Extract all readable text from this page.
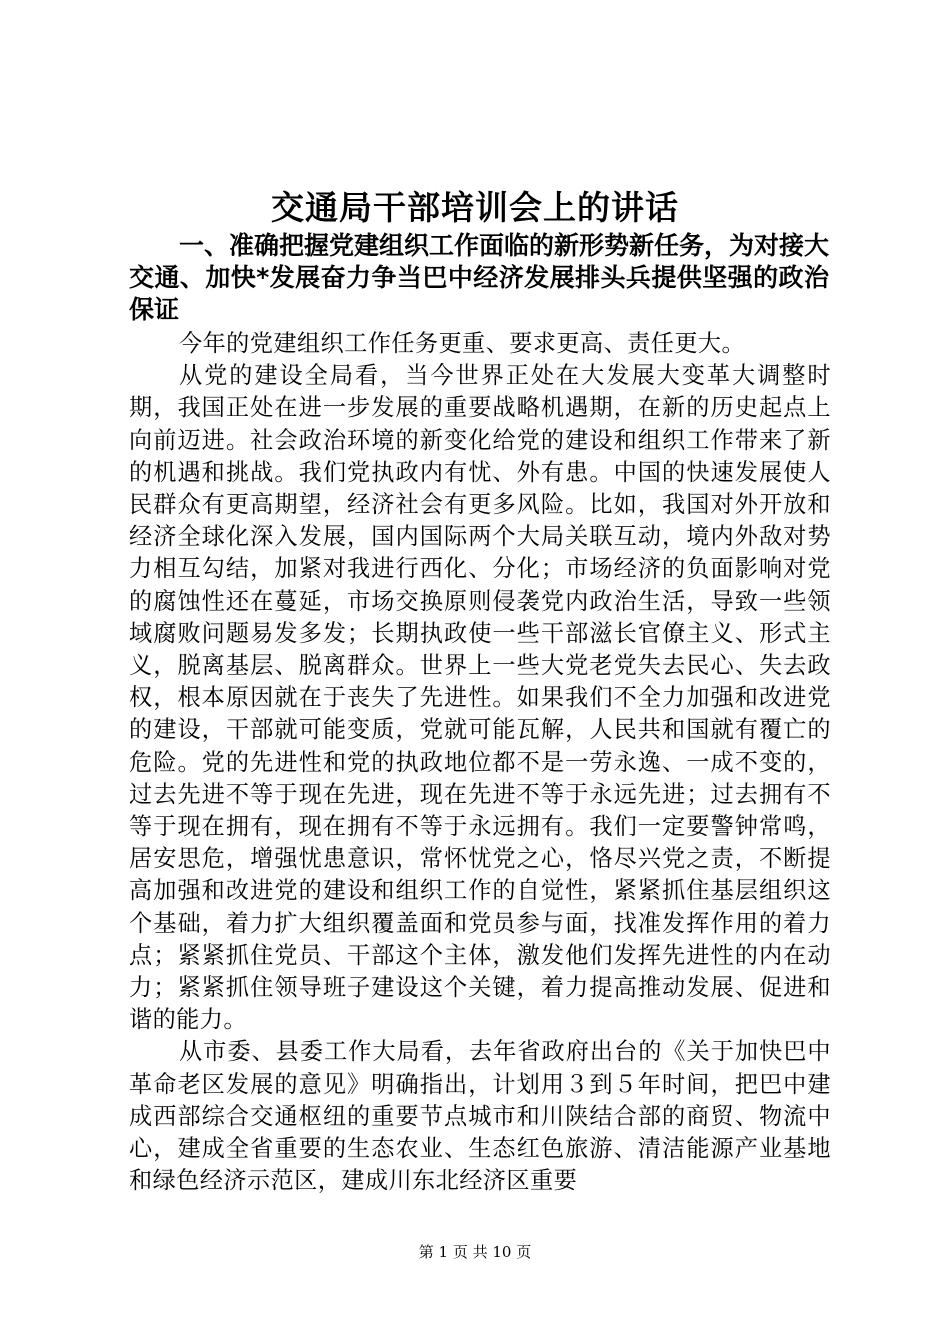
交通局干部培训会上的讲话
一、准确把握党建组织工作面临的新形势新任务，为对接大交通、加快*发展奋力争当巴中经济发展排头兵提供坚强的政治保证

今年的党建组织工作任务更重、要求更高、责任更大。

从党的建设全局看，当今世界正处在大发展大变革大调整时期，我国正处在进一步发展的重要战略机遇期，在新的历史起点上向前迈进。社会政治环境的新变化给党的建设和组织工作带来了新的机遇和挑战。我们党执政内有忧、外有患。中国的快速发展使人民群众有更高期望，经济社会有更多风险。比如，我国对外开放和经济全球化深入发展，国内国际两个大局关联互动，境内外敌对势力相互勾结，加紧对我进行西化、分化；市场经济的负面影响对党的腐蚀性还在蔓延，市场交换原则侵袭党内政治生活，导致一些领域腐败问题易发多发；长期执政使一些干部滋长官僚主义、形式主义，脱离基层、脱离群众。世界上一些大党老党失去民心、失去政权，根本原因就在于丧失了先进性。如果我们不全力加强和改进党的建设，干部就可能变质，党就可能瓦解，人民共和国就有覆亡的危险。党的先进性和党的执政地位都不是一劳永逸、一成不变的，过去先进不等于现在先进，现在先进不等于永远先进；过去拥有不等于现在拥有，现在拥有不等于永远拥有。我们一定要警钟常鸣，居安思危，增强忧患意识，常怀忧党之心，恪尽兴党之责，不断提高加强和改进党的建设和组织工作的自觉性，紧紧抓住基层组织这个基础，着力扩大组织覆盖面和党员参与面，找准发挥作用的着力点；紧紧抓住党员、干部这个主体，激发他们发挥先进性的内在动力；紧紧抓住领导班子建设这个关键，着力提高推动发展、促进和谐的能力。

从市委、县委工作大局看，去年省政府出台的《关于加快巴中革命老区发展的意见》明确指出，计划用３到５年时间，把巴中建成西部综合交通枢纽的重要节点城市和川陕结合部的商贸、物流中心，建成全省重要的生态农业、生态红色旅游、清洁能源产业基地和绿色经济示范区，建成川东北经济区重要

第 1 页 共 10 页
